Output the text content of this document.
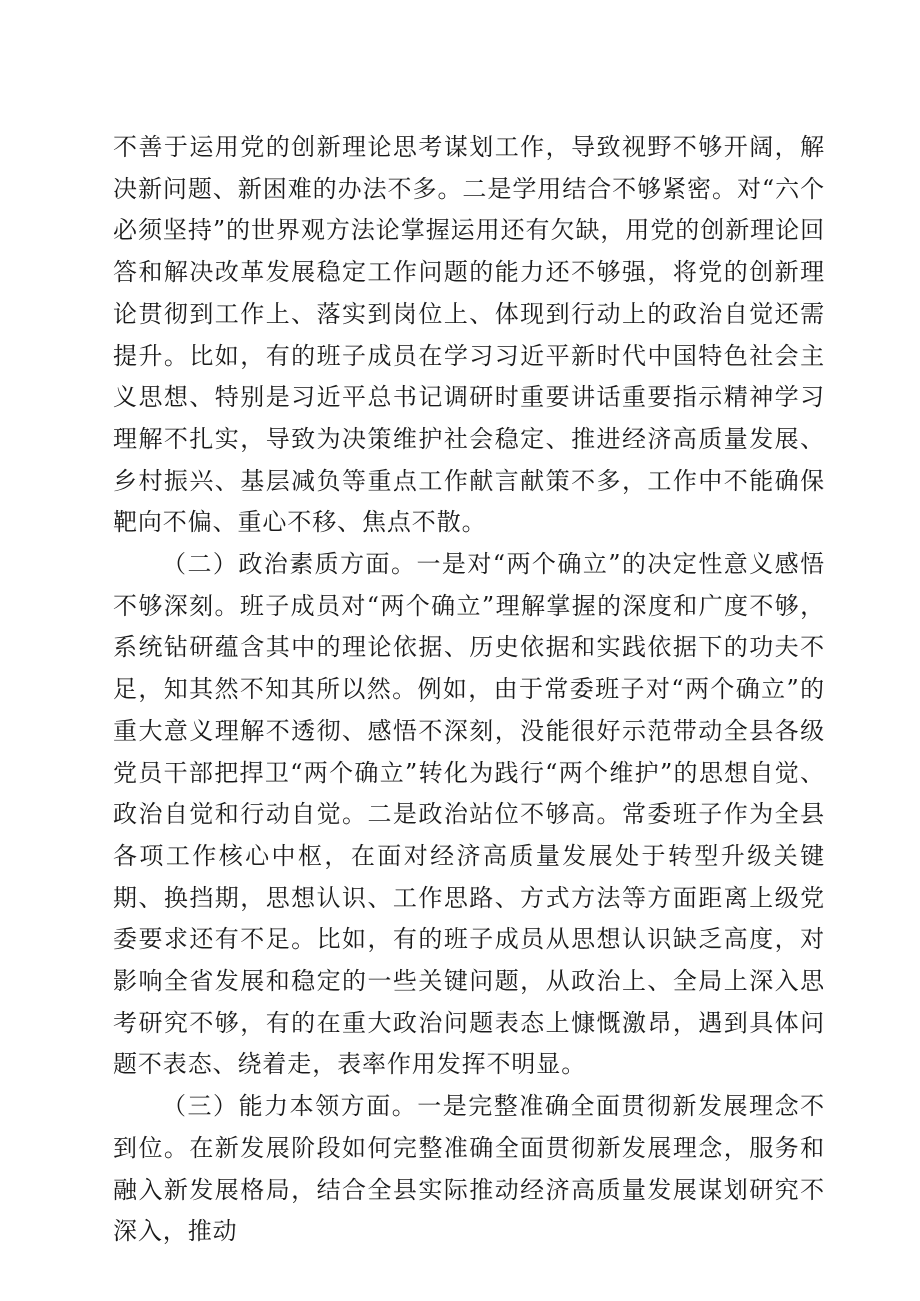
不善于运用党的创新理论思考谋划工作，导致视野不够开阔，解决新问题、新困难的办法不多。二是学用结合不够紧密。对“六个必须坚持”的世界观方法论掌握运用还有欠缺，用党的创新理论回答和解决改革发展稳定工作问题的能力还不够强，将党的创新理论贯彻到工作上、落实到岗位上、体现到行动上的政治自觉还需提升。比如，有的班子成员在学习习近平新时代中国特色社会主义思想、特别是习近平总书记调研时重要讲话重要指示精神学习理解不扎实，导致为决策维护社会稳定、推进经济高质量发展、乡村振兴、基层减负等重点工作献言献策不多，工作中不能确保靶向不偏、重心不移、焦点不散。

（二）政治素质方面。一是对“两个确立”的决定性意义感悟不够深刻。班子成员对“两个确立”理解掌握的深度和广度不够，系统钻研蕴含其中的理论依据、历史依据和实践依据下的功夫不足，知其然不知其所以然。例如，由于常委班子对“两个确立”的重大意义理解不透彻、感悟不深刻，没能很好示范带动全县各级党员干部把捍卫“两个确立”转化为践行“两个维护”的思想自觉、政治自觉和行动自觉。二是政治站位不够高。常委班子作为全县各项工作核心中枢，在面对经济高质量发展处于转型升级关键期、换挡期，思想认识、工作思路、方式方法等方面距离上级党委要求还有不足。比如，有的班子成员从思想认识缺乏高度，对影响全省发展和稳定的一些关键问题，从政治上、全局上深入思考研究不够，有的在重大政治问题表态上慷慨激昂，遇到具体问题不表态、绕着走，表率作用发挥不明显。

（三）能力本领方面。一是完整准确全面贯彻新发展理念不到位。在新发展阶段如何完整准确全面贯彻新发展理念，服务和融入新发展格局，结合全县实际推动经济高质量发展谋划研究不深入，推动
